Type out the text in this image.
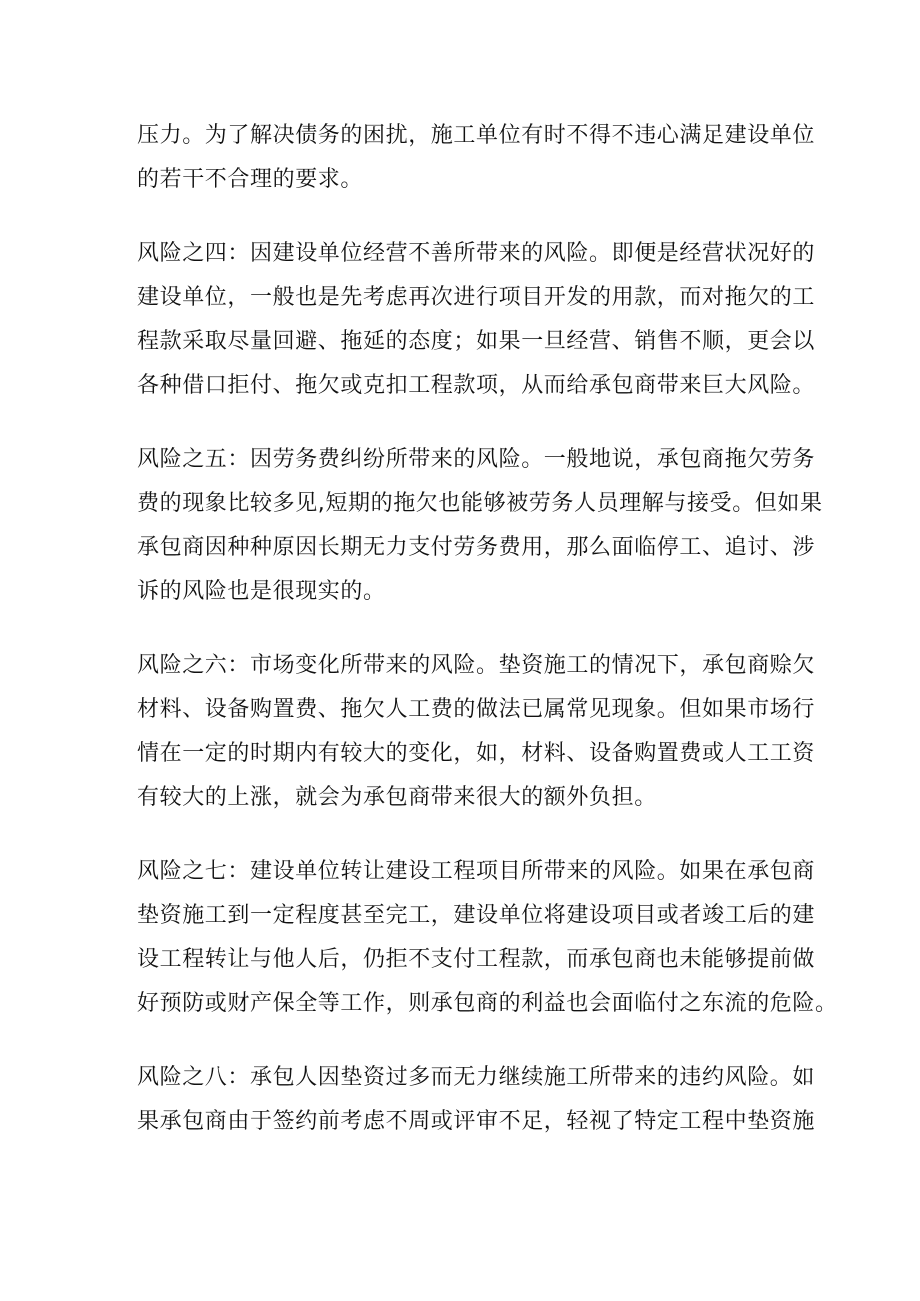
压力。为了解决债务的困扰，施工单位有时不得不违心满足建设单位
的若干不合理的要求。

风险之四：因建设单位经营不善所带来的风险。即便是经营状况好的
建设单位，一般也是先考虑再次进行项目开发的用款，而对拖欠的工
程款采取尽量回避、拖延的态度；如果一旦经营、销售不顺，更会以
各种借口拒付、拖欠或克扣工程款项，从而给承包商带来巨大风险。

风险之五：因劳务费纠纷所带来的风险。一般地说，承包商拖欠劳务
费的现象比较多见,短期的拖欠也能够被劳务人员理解与接受。但如果
承包商因种种原因长期无力支付劳务费用，那么面临停工、追讨、涉
诉的风险也是很现实的。

风险之六：市场变化所带来的风险。垫资施工的情况下，承包商赊欠
材料、设备购置费、拖欠人工费的做法已属常见现象。但如果市场行
情在一定的时期内有较大的变化，如，材料、设备购置费或人工工资
有较大的上涨，就会为承包商带来很大的额外负担。

风险之七：建设单位转让建设工程项目所带来的风险。如果在承包商
垫资施工到一定程度甚至完工，建设单位将建设项目或者竣工后的建
设工程转让与他人后，仍拒不支付工程款，而承包商也未能够提前做
好预防或财产保全等工作，则承包商的利益也会面临付之东流的危险。

风险之八：承包人因垫资过多而无力继续施工所带来的违约风险。如
果承包商由于签约前考虑不周或评审不足，轻视了特定工程中垫资施
